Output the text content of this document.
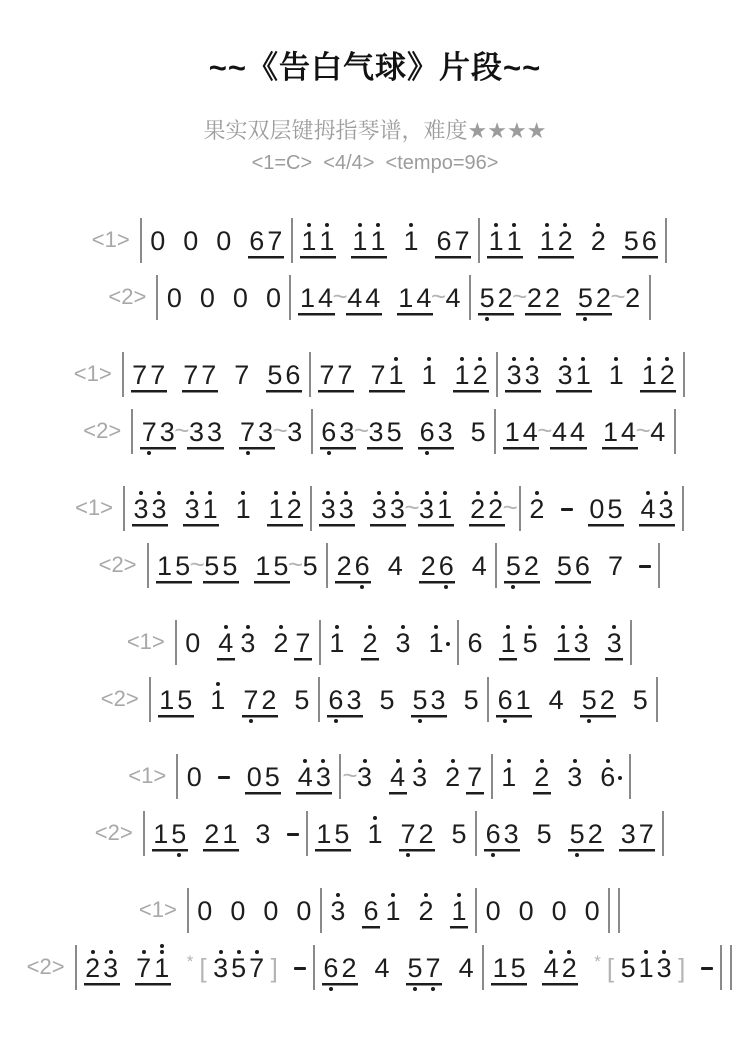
~~《告白气球》片段~~
果实双层键拇指琴谱，难度★★★★
<1=C>  <4/4>  <tempo=96>
<1> 0 0 0 6 7 1 1 1 1 1 6 7 1 1 1 2 2 5 6
<2> 0 0 0 0 1 4 ~ 4 4 1 4 ~ 4 5 2 ~ 2 2 5 2 ~ 2
<1> 7 7 7 7 7 5 6 7 7 7 1 1 1 2 3 3 3 1 1 1 2
<2> 7 3 ~ 3 3 7 3 ~ 3 6 3 ~ 3 5 6 3 5 1 4 ~ 4 4 1 4 ~ 4
<1> 3 3 3 1 1 1 2 3 3 3 3 ~ 3 1 2 2 ~ 2 0 5 4 3
<2> 1 5 ~ 5 5 1 5 ~ 5 2 6 4 2 6 4 5 2 5 6 7
<1> 0 4 3 2 7 1 2 3 1 6 1 5 1 3 3
<2> 1 5 1 7 2 5 6 3 5 5 3 5 6 1 4 5 2 5
<1> 0 0 5 4 3 ~ 3 4 3 2 7 1 2 3 6
<2> 1 5 2 1 3 1 5 1 7 2 5 6 3 5 5 2 3 7
<1> 0 0 0 0 3 6 1 2 1 0 0 0 0
<2> 2 3 7 1 * [ 3 5 7 ] 6 2 4 5 7 4 1 5 4 2 * [ 5 1 3 ]
